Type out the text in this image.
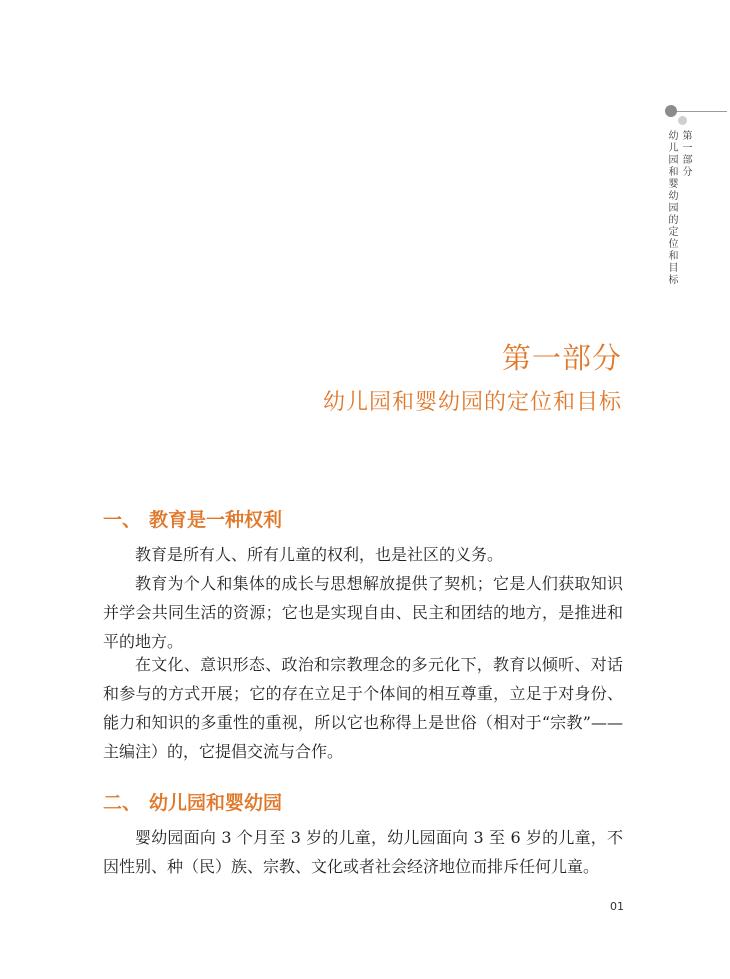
第一部分
幼儿园和婴幼园的定位和目标
第一部分
幼儿园和婴幼园的定位和目标
一、 教育是一种权利

教育是所有人、所有儿童的权利，也是社区的义务。

教育为个人和集体的成长与思想解放提供了契机；它是人们获取知识并学会共同生活的资源；它也是实现自由、民主和团结的地方，是推进和平的地方。

在文化、意识形态、政治和宗教理念的多元化下，教育以倾听、对话和参与的方式开展；它的存在立足于个体间的相互尊重，立足于对身份、能力和知识的多重性的重视，所以它也称得上是世俗（相对于“宗教”——主编注）的，它提倡交流与合作。

二、 幼儿园和婴幼园

婴幼园面向 3 个月至 3 岁的儿童，幼儿园面向 3 至 6 岁的儿童，不因性别、种（民）族、宗教、文化或者社会经济地位而排斥任何儿童。

01
